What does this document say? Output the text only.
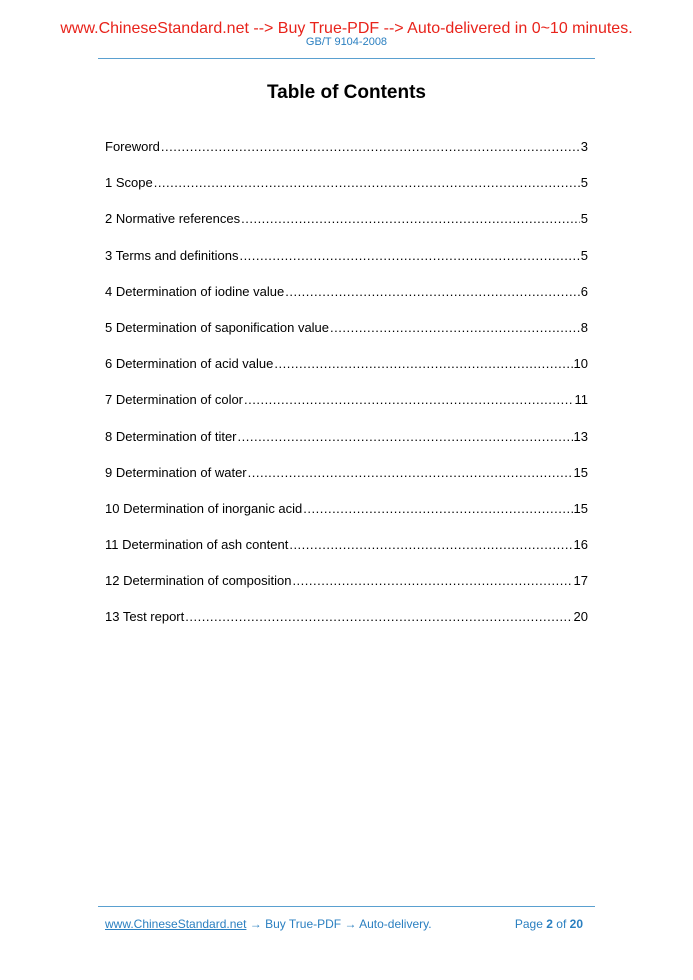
www.ChineseStandard.net --> Buy True-PDF --> Auto-delivered in 0~10 minutes.
GB/T 9104-2008
Table of Contents
Foreword .....	3
1 Scope .....	5
2 Normative references .....	5
3 Terms and definitions .....	5
4 Determination of iodine value .....	6
5 Determination of saponification value .....	8
6 Determination of acid value .....	10
7 Determination of color .....	11
8 Determination of titer .....	13
9 Determination of water .....	15
10 Determination of inorganic acid .....	15
11 Determination of ash content .....	16
12 Determination of composition .....	17
13 Test report .....	20
www.ChineseStandard.net → Buy True-PDF → Auto-delivery.	Page 2 of 20
